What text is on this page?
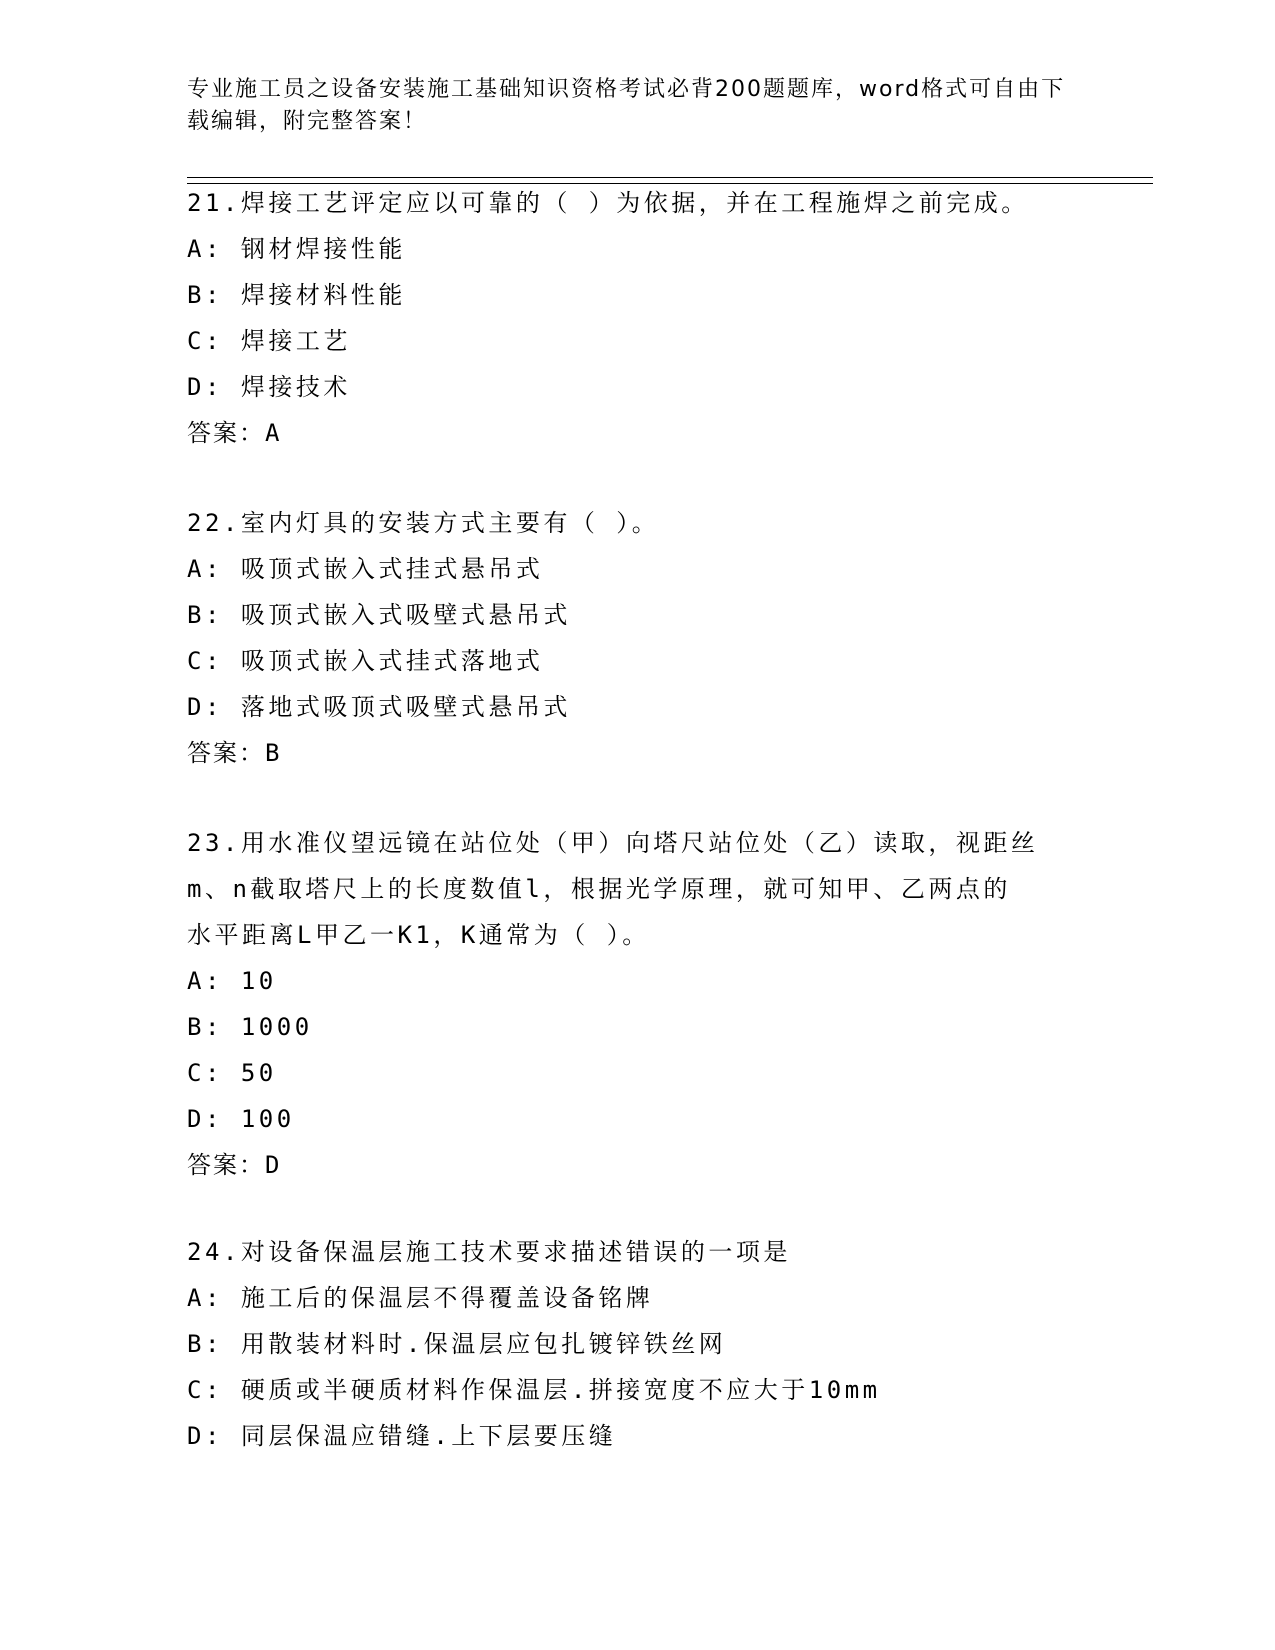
专业施工员之设备安装施工基础知识资格考试必背200题题库，word格式可自由下载编辑，附完整答案！
21.焊接工艺评定应以可靠的（ ）为依据，并在工程施焊之前完成。
A: 钢材焊接性能
B: 焊接材料性能
C: 焊接工艺
D: 焊接技术
答案：A
22.室内灯具的安装方式主要有（ ）。
A: 吸顶式嵌入式挂式悬吊式
B: 吸顶式嵌入式吸壁式悬吊式
C: 吸顶式嵌入式挂式落地式
D: 落地式吸顶式吸壁式悬吊式
答案：B
23.用水准仪望远镜在站位处（甲）向塔尺站位处（乙）读取，视距丝
m、n截取塔尺上的长度数值l，根据光学原理，就可知甲、乙两点的
水平距离L甲乙一K1，K通常为（ ）。
A: 10
B: 1000
C: 50
D: 100
答案：D
24.对设备保温层施工技术要求描述错误的一项是
A: 施工后的保温层不得覆盖设备铭牌
B: 用散装材料时.保温层应包扎镀锌铁丝网
C: 硬质或半硬质材料作保温层.拼接宽度不应大于10mm
D: 同层保温应错缝.上下层要压缝
